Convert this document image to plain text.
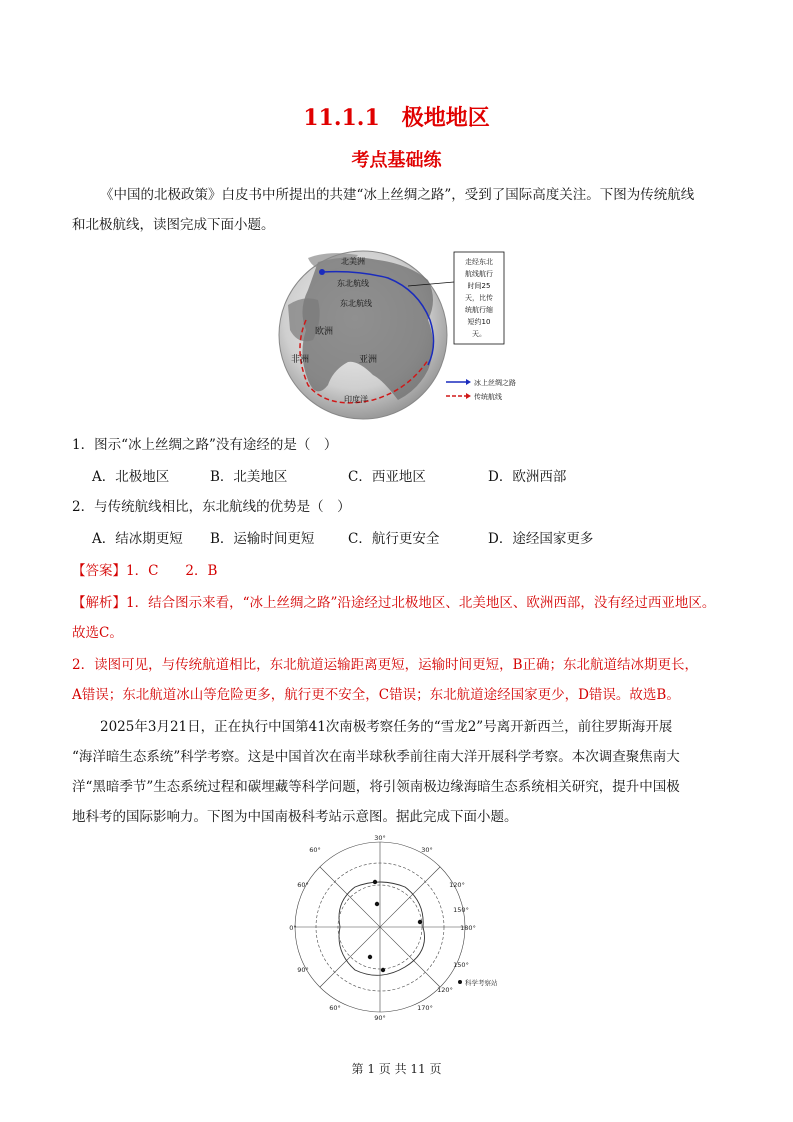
11.1.1　极地地区
考点基础练
《中国的北极政策》白皮书中所提出的共建“冰上丝绸之路”，受到了国际高度关注。下图为传统航线
和北极航线，读图完成下面小题。
北美洲
东北航线
东北航线
欧洲
非洲	亚洲
印度洋
走经东北
航线航行
时间25
天，比传
统航行缩
短约10
天。
冰上丝绸之路
传统航线
1．图示“冰上丝绸之路”没有途经的是（　）
A．北极地区	B．北美地区	C．西亚地区	D．欧洲西部
2．与传统航线相比，东北航线的优势是（　）
A．结冰期更短 B．运输时间更短 C．航行更安全	D．途经国家更多
【答案】1．C　　2．B
【解析】1．结合图示来看，“冰上丝绸之路”沿途经过北极地区、北美地区、欧洲西部，没有经过西亚地区。
故选C。
2．读图可见，与传统航道相比，东北航道运输距离更短，运输时间更短，B正确；东北航道结冰期更长，
A错误；东北航道冰山等危险更多，航行更不安全，C错误；东北航道途经国家更少，D错误。故选B。
2025年3月21日，正在执行中国第41次南极考察任务的“雪龙2”号离开新西兰，前往罗斯海开展
“海洋暗生态系统”科学考察。这是中国首次在南半球秋季前往南大洋开展科学考察。本次调查聚焦南大
洋“黑暗季节”生态系统过程和碳埋藏等科学问题，将引领南极边缘海暗生态系统相关研究，提升中国极
地科考的国际影响力。下图为中国南极科考站示意图。据此完成下面小题。
30°
60°	30°
60°
0°
90°
120°
150°
180°
150°
120°
90°
170°
60°
科学考察站
第 1 页 共 11 页
